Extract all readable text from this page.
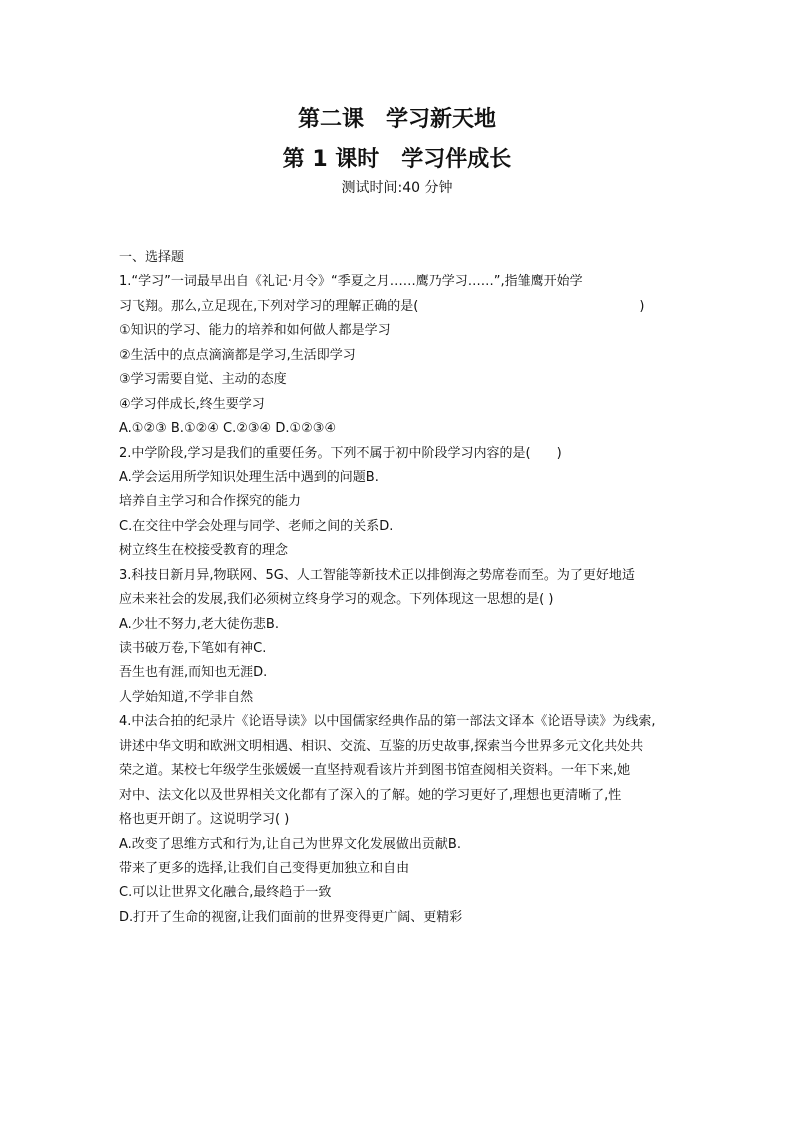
第二课　学习新天地
第 1 课时　学习伴成长
测试时间:40 分钟
一、选择题
1.“学习”一词最早出自《礼记·月令》“季夏之月……鹰乃学习……”,指雏鹰开始学
习飞翔。那么,立足现在,下列对学习的理解正确的是(　　　　　　　　　　　　　　　　　)
①知识的学习、能力的培养和如何做人都是学习
②生活中的点点滴滴都是学习,生活即学习
③学习需要自觉、主动的态度
④学习伴成长,终生要学习
A.①②③ B.①②④ C.②③④ D.①②③④
2.中学阶段,学习是我们的重要任务。下列不属于初中阶段学习内容的是(　　)
A.学会运用所学知识处理生活中遇到的问题B.
培养自主学习和合作探究的能力
C.在交往中学会处理与同学、老师之间的关系D.
树立终生在校接受教育的理念
3.科技日新月异,物联网、5G、人工智能等新技术正以排倒海之势席卷而至。为了更好地适
应未来社会的发展,我们必须树立终身学习的观念。下列体现这一思想的是( )
A.少壮不努力,老大徒伤悲B.
读书破万卷,下笔如有神C.
吾生也有涯,而知也无涯D.
人学始知道,不学非自然
4.中法合拍的纪录片《论语导读》以中国儒家经典作品的第一部法文译本《论语导读》为线索,
讲述中华文明和欧洲文明相遇、相识、交流、互鉴的历史故事,探索当今世界多元文化共处共
荣之道。某校七年级学生张媛媛一直坚持观看该片并到图书馆查阅相关资料。一年下来,她
对中、法文化以及世界相关文化都有了深入的了解。她的学习更好了,理想也更清晰了,性
格也更开朗了。这说明学习( )
A.改变了思维方式和行为,让自己为世界文化发展做出贡献B.
带来了更多的选择,让我们自己变得更加独立和自由
C.可以让世界文化融合,最终趋于一致
D.打开了生命的视窗,让我们面前的世界变得更广阔、更精彩
